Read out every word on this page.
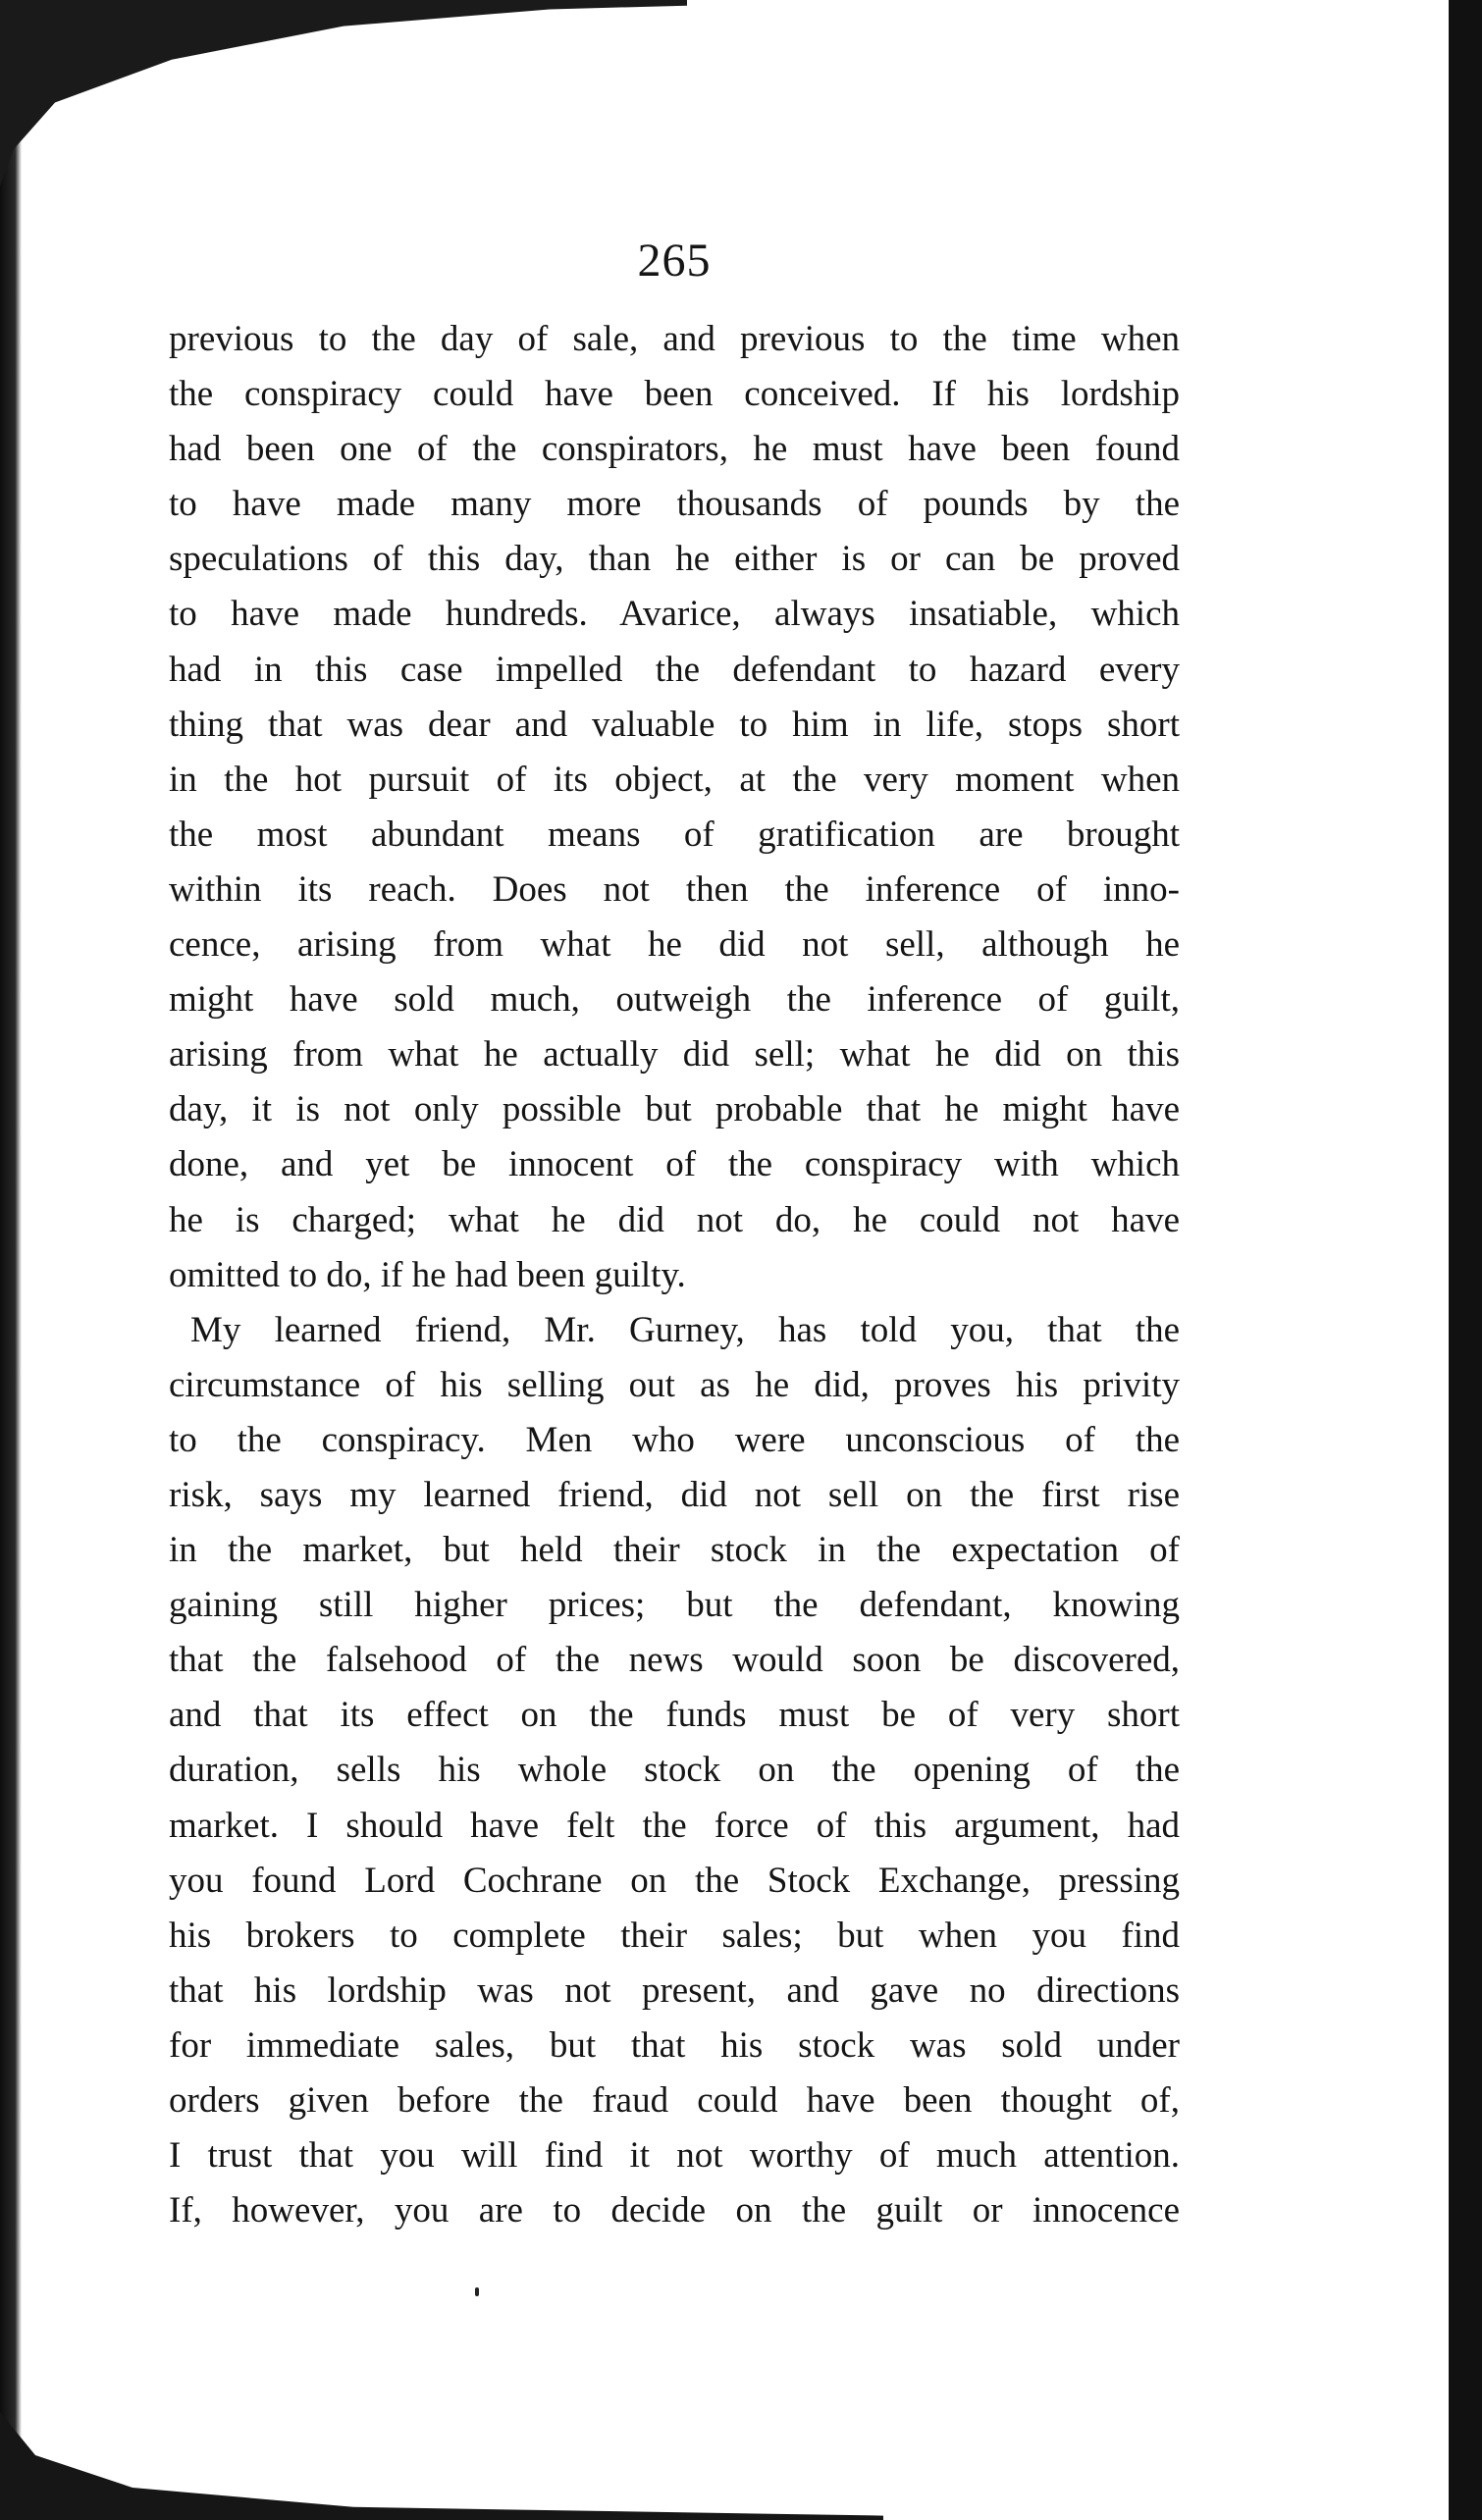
265
previous to the day of sale, and previous to the time when
the conspiracy could have been conceived. If his lordship
had been one of the conspirators, he must have been found
to have made many more thousands of pounds by the
speculations of this day, than he either is or can be proved
to have made hundreds. Avarice, always insatiable, which
had in this case impelled the defendant to hazard every
thing that was dear and valuable to him in life, stops short
in the hot pursuit of its object, at the very moment when
the most abundant means of gratification are brought
within its reach. Does not then the inference of inno-
cence, arising from what he did not sell, although he
might have sold much, outweigh the inference of guilt,
arising from what he actually did sell; what he did on this
day, it is not only possible but probable that he might have
done, and yet be innocent of the conspiracy with which
he is charged; what he did not do, he could not have
omitted to do, if he had been guilty.
My learned friend, Mr. Gurney, has told you, that the
circumstance of his selling out as he did, proves his privity
to the conspiracy. Men who were unconscious of the
risk, says my learned friend, did not sell on the first rise
in the market, but held their stock in the expectation of
gaining still higher prices; but the defendant, knowing
that the falsehood of the news would soon be discovered,
and that its effect on the funds must be of very short
duration, sells his whole stock on the opening of the
market. I should have felt the force of this argument, had
you found Lord Cochrane on the Stock Exchange, pressing
his brokers to complete their sales; but when you find
that his lordship was not present, and gave no directions
for immediate sales, but that his stock was sold under
orders given before the fraud could have been thought of,
I trust that you will find it not worthy of much attention.
If, however, you are to decide on the guilt or innocence
